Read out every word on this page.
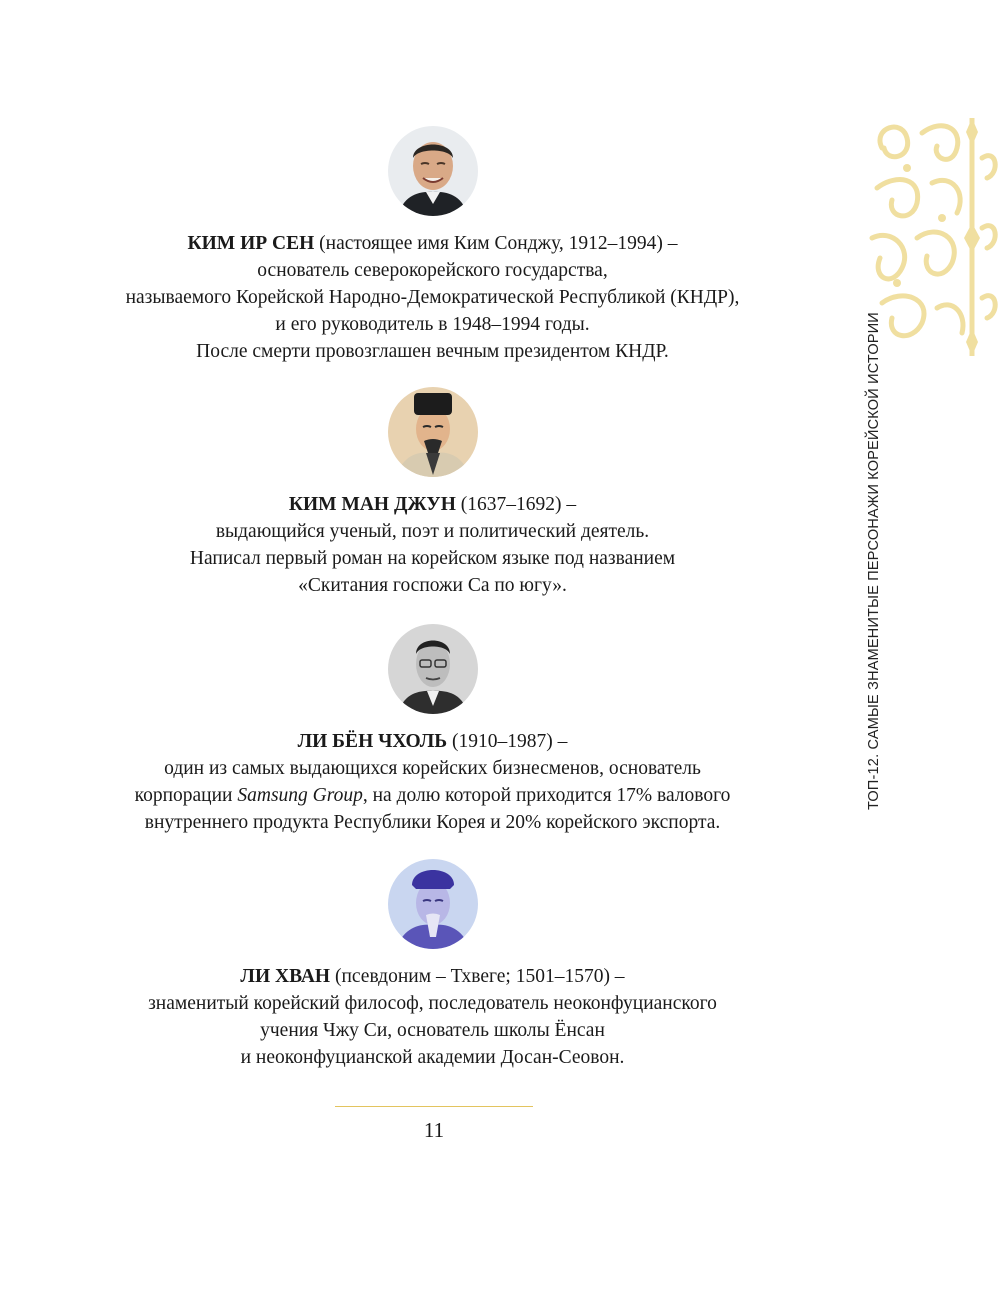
ТОП-12. САМЫЕ ЗНАМЕНИТЫЕ ПЕРСОНАЖИ КОРЕЙСКОЙ ИСТОРИИ
КИМ ИР СЕН (настоящее имя Ким Сонджу, 1912–1994) –
основатель северокорейского государства,
называемого Корейской Народно-Демократической Республикой (КНДР),
и его руководитель в 1948–1994 годы.
После смерти провозглашен вечным президентом КНДР.
КИМ МАН ДЖУН (1637–1692) –
выдающийся ученый, поэт и политический деятель.
Написал первый роман на корейском языке под названием
«Скитания госпожи Са по югу».
ЛИ БЁН ЧХОЛЬ (1910–1987) –
один из самых выдающихся корейских бизнесменов, основатель
корпорации Samsung Group, на долю которой приходится 17% валового
внутреннего продукта Республики Корея и 20% корейского экспорта.
ЛИ ХВАН (псевдоним – Тхвеге; 1501–1570) –
знаменитый корейский философ, последователь неоконфуцианского
учения Чжу Си, основатель школы Ёнсан
и неоконфуцианской академии Досан-Сеовон.
11
